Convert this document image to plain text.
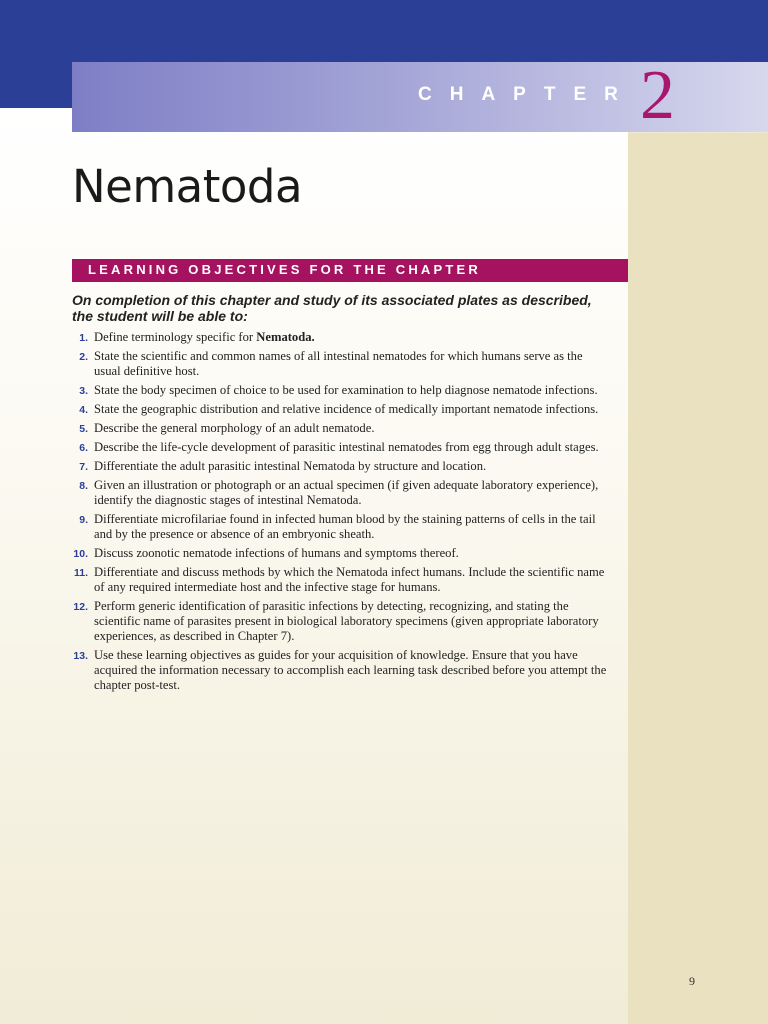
CHAPTER 2
Nematoda
LEARNING OBJECTIVES FOR THE CHAPTER

On completion of this chapter and study of its associated plates as described, the student will be able to:

1. Define terminology specific for Nematoda.
2. State the scientific and common names of all intestinal nematodes for which humans serve as the usual definitive host.
3. State the body specimen of choice to be used for examination to help diagnose nematode infections.
4. State the geographic distribution and relative incidence of medically important nematode infections.
5. Describe the general morphology of an adult nematode.
6. Describe the life-cycle development of parasitic intestinal nematodes from egg through adult stages.
7. Differentiate the adult parasitic intestinal Nematoda by structure and location.
8. Given an illustration or photograph or an actual specimen (if given adequate laboratory experience), identify the diagnostic stages of intestinal Nematoda.
9. Differentiate microfilariae found in infected human blood by the staining patterns of cells in the tail and by the presence or absence of an embryonic sheath.
10. Discuss zoonotic nematode infections of humans and symptoms thereof.
11. Differentiate and discuss methods by which the Nematoda infect humans. Include the scientific name of any required intermediate host and the infective stage for humans.
12. Perform generic identification of parasitic infections by detecting, recognizing, and stating the scientific name of parasites present in biological laboratory specimens (given appropriate laboratory experiences, as described in Chapter 7).
13. Use these learning objectives as guides for your acquisition of knowledge. Ensure that you have acquired the information necessary to accomplish each learning task described before you attempt the chapter post-test.
9
